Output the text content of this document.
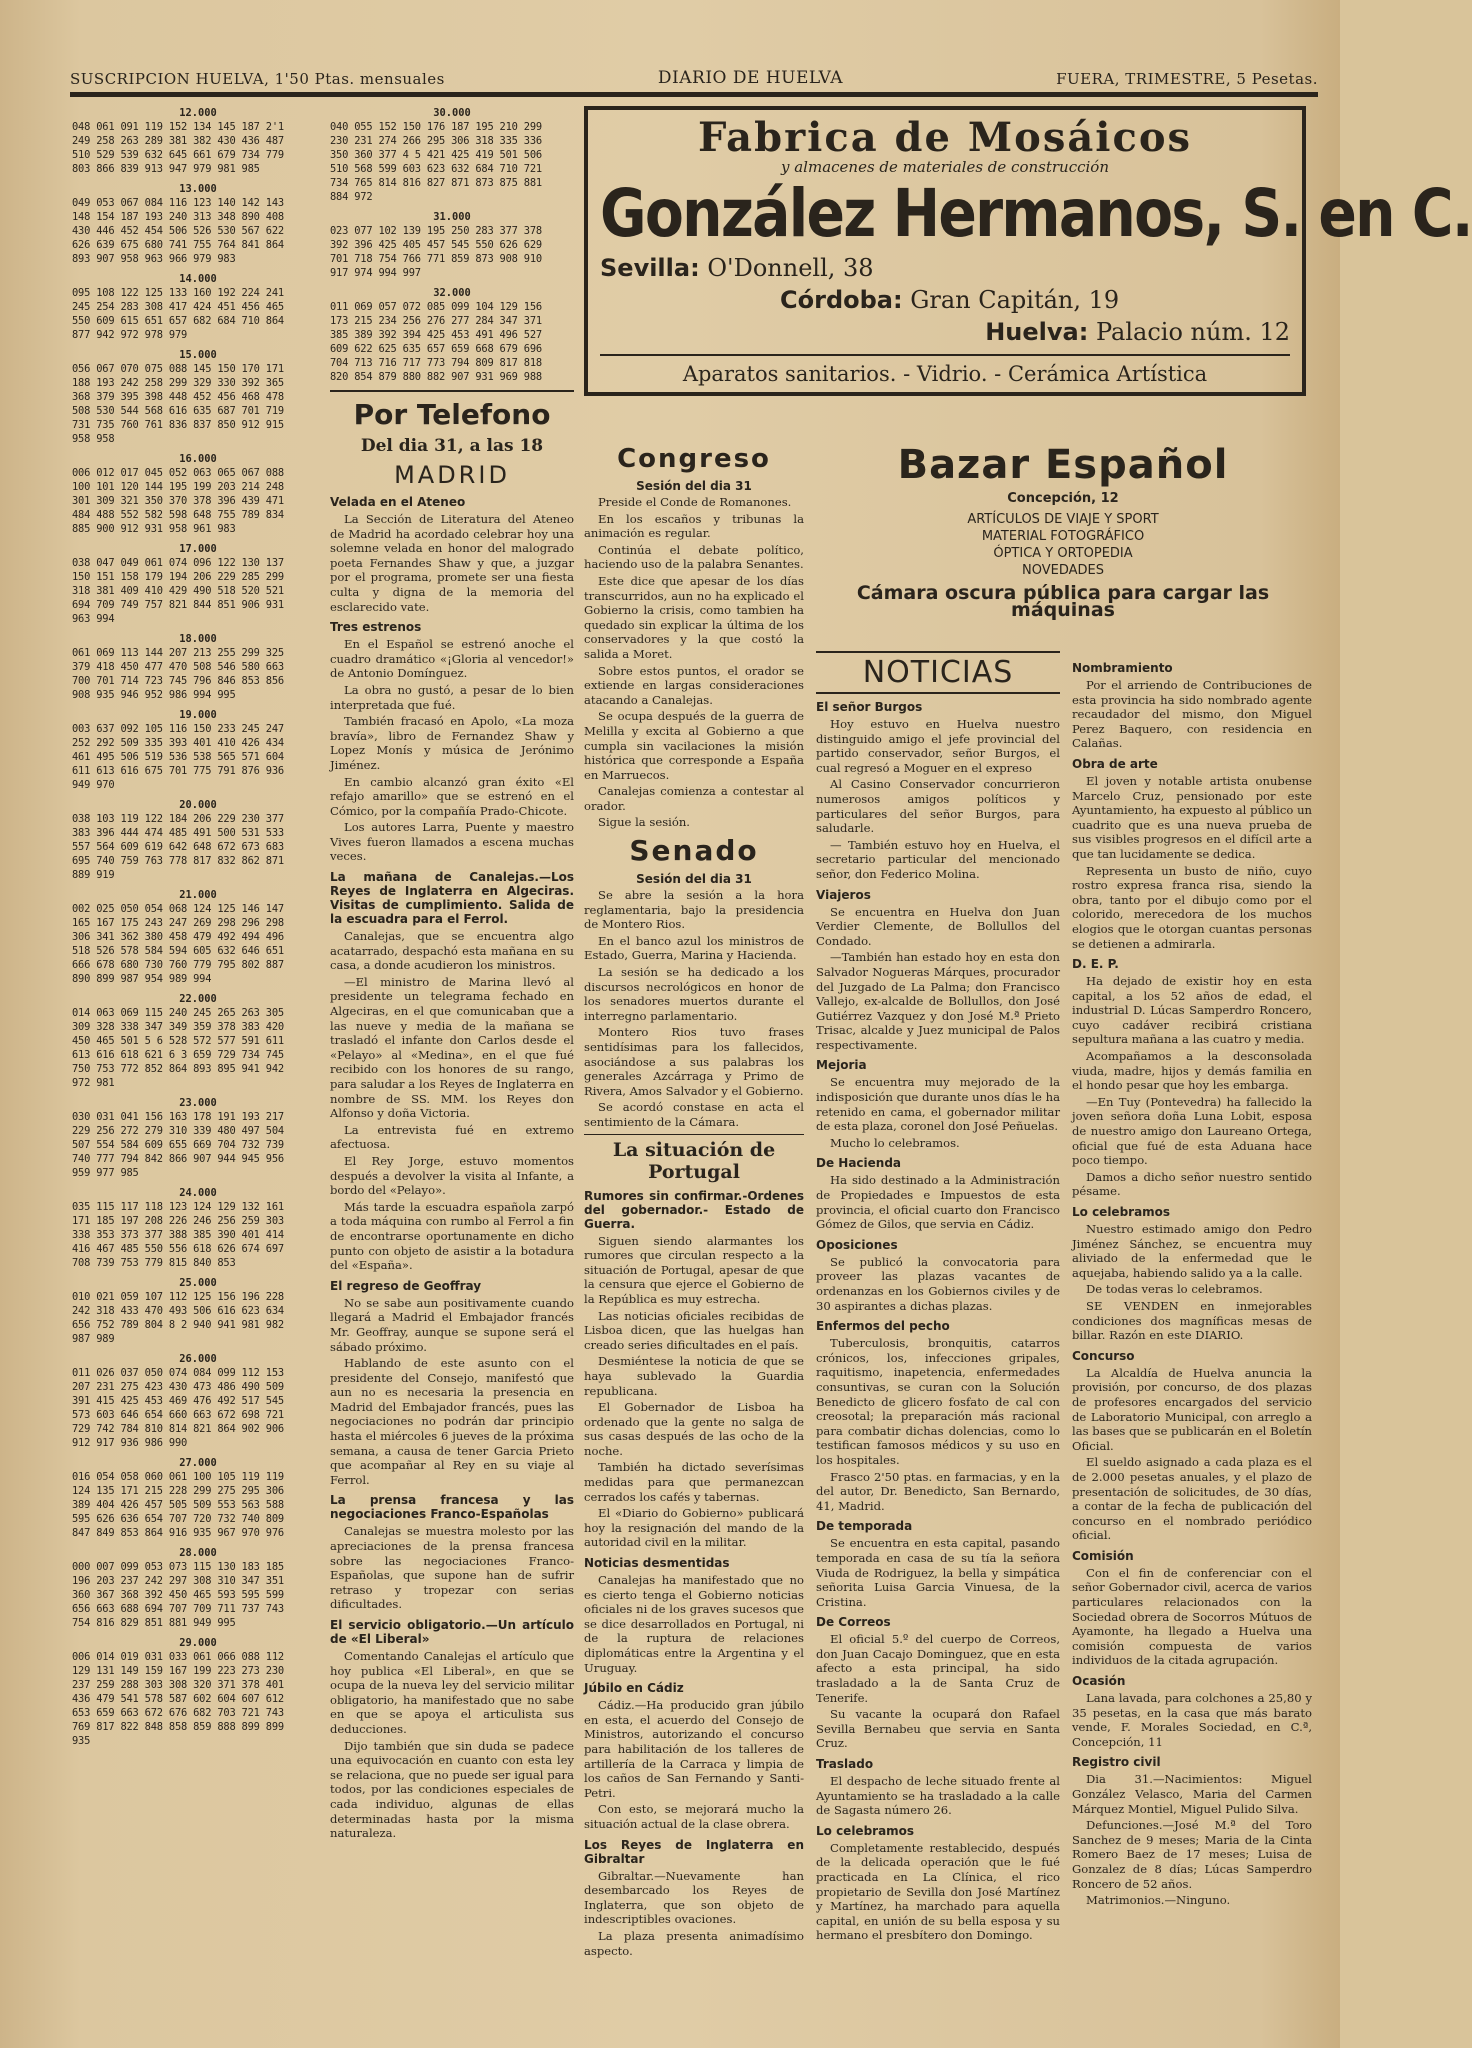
SUSCRIPCION HUELVA, 1'50 Ptas. mensuales	DIARIO DE HUELVA	FUERA, TRIMESTRE, 5 Pesetas.
12.000
048 061 091 119 152 134 145 187 2'1
249 258 263 289 381 382 430 436 487
510 529 539 632 645 661 679 734 779
803 866 839 913 947 979 981 985
13.000
049 053 067 084 116 123 140 142 143
148 154 187 193 240 313 348 890 408
430 446 452 454 506 526 530 567 622
626 639 675 680 741 755 764 841 864
893 907 958 963 966 979 983
14.000
095 108 122 125 133 160 192 224 241
245 254 283 308 417 424 451 456 465
550 609 615 651 657 682 684 710 864
877 942 972 978 979
15.000
056 067 070 075 088 145 150 170 171
188 193 242 258 299 329 330 392 365
368 379 395 398 448 452 456 468 478
508 530 544 568 616 635 687 701 719
731 735 760 761 836 837 850 912 915
958 958
16.000
006 012 017 045 052 063 065 067 088
100 101 120 144 195 199 203 214 248
301 309 321 350 370 378 396 439 471
484 488 552 582 598 648 755 789 834
885 900 912 931 958 961 983
17.000
038 047 049 061 074 096 122 130 137
150 151 158 179 194 206 229 285 299
318 381 409 410 429 490 518 520 521
694 709 749 757 821 844 851 906 931
963 994
18.000
061 069 113 144 207 213 255 299 325
379 418 450 477 470 508 546 580 663
700 701 714 723 745 796 846 853 856
908 935 946 952 986 994 995
19.000
003 637 092 105 116 150 233 245 247
252 292 509 335 393 401 410 426 434
461 495 506 519 536 538 565 571 604
611 613 616 675 701 775 791 876 936
949 970
20.000
038 103 119 122 184 206 229 230 377
383 396 444 474 485 491 500 531 533
557 564 609 619 642 648 672 673 683
695 740 759 763 778 817 832 862 871
889 919
21.000
002 025 050 054 068 124 125 146 147
165 167 175 243 247 269 298 296 298
306 341 362 380 458 479 492 494 496
518 526 578 584 594 605 632 646 651
666 678 680 730 760 779 795 802 887
890 899 987 954 989 994
22.000
014 063 069 115 240 245 265 263 305
309 328 338 347 349 359 378 383 420
450 465 501 5 6 528 572 577 591 611
613 616 618 621 6 3 659 729 734 745
750 753 772 852 864 893 895 941 942
972 981
23.000
030 031 041 156 163 178 191 193 217
229 256 272 279 310 339 480 497 504
507 554 584 609 655 669 704 732 739
740 777 794 842 866 907 944 945 956
959 977 985
24.000
035 115 117 118 123 124 129 132 161
171 185 197 208 226 246 256 259 303
338 353 373 377 388 385 390 401 414
416 467 485 550 556 618 626 674 697
708 739 753 779 815 840 853
25.000
010 021 059 107 112 125 156 196 228
242 318 433 470 493 506 616 623 634
656 752 789 804 8 2 940 941 981 982
987 989
26.000
011 026 037 050 074 084 099 112 153
207 231 275 423 430 473 486 490 509
391 415 425 453 469 476 492 517 545
573 603 646 654 660 663 672 698 721
729 742 784 810 814 821 864 902 906
912 917 936 986 990
27.000
016 054 058 060 061 100 105 119 119
124 135 171 215 228 299 275 295 306
389 404 426 457 505 509 553 563 588
595 626 636 654 707 720 732 740 809
847 849 853 864 916 935 967 970 976
28.000
000 007 099 053 073 115 130 183 185
196 203 237 242 297 308 310 347 351
360 367 368 392 450 465 593 595 599
656 663 688 694 707 709 711 737 743
754 816 829 851 881 949 995
29.000
006 014 019 031 033 061 066 088 112
129 131 149 159 167 199 223 273 230
237 259 288 303 308 320 371 378 401
436 479 541 578 587 602 604 607 612
653 659 663 672 676 682 703 721 743
769 817 822 848 858 859 888 899 899
935
30.000
040 055 152 150 176 187 195 210 299
230 231 274 266 295 306 318 335 336
350 360 377 4 5 421 425 419 501 506
510 568 599 603 623 632 684 710 721
734 765 814 816 827 871 873 875 881
884 972
31.000
023 077 102 139 195 250 283 377 378
392 396 425 405 457 545 550 626 629
701 718 754 766 771 859 873 908 910
917 974 994 997
32.000
011 069 057 072 085 099 104 129 156
173 215 234 256 276 277 284 347 371
385 389 392 394 425 453 491 496 527
609 622 625 635 657 659 668 679 696
704 713 716 717 773 794 809 817 818
820 854 879 880 882 907 931 969 988
Por Telefono
Del dia 31, a las 18
MADRID
Velada en el Ateneo

La Sección de Literatura del Ateneo de Madrid ha acordado celebrar hoy una solemne velada en honor del malogrado poeta Fernandes Shaw y que, a juzgar por el programa, promete ser una fiesta culta y digna de la memoria del esclarecido vate.

Tres estrenos

En el Español se estrenó anoche el cuadro dramático «¡Gloria al vencedor!» de Antonio Domínguez.

La obra no gustó, a pesar de lo bien interpretada que fué.

También fracasó en Apolo, «La moza bravía», libro de Fernandez Shaw y Lopez Monís y música de Jerónimo Jiménez.

En cambio alcanzó gran éxito «El refajo amarillo» que se estrenó en el Cómico, por la compañía Prado-Chicote.

Los autores Larra, Puente y maestro Vives fueron llamados a escena muchas veces.

La mañana de Canalejas.—Los Reyes de Inglaterra en Algeciras. Visitas de cumplimiento. Salida de la escuadra para el Ferrol.

Canalejas, que se encuentra algo acatarrado, despachó esta mañana en su casa, a donde acudieron los ministros.

—El ministro de Marina llevó al presidente un telegrama fechado en Algeciras, en el que comunicaban que a las nueve y media de la mañana se trasladó el infante don Carlos desde el «Pelayo» al «Medina», en el que fué recibido con los honores de su rango, para saludar a los Reyes de Inglaterra en nombre de SS. MM. los Reyes don Alfonso y doña Victoria.

La entrevista fué en extremo afectuosa.

El Rey Jorge, estuvo momentos después a devolver la visita al Infante, a bordo del «Pelayo».

Más tarde la escuadra española zarpó a toda máquina con rumbo al Ferrol a fin de encontrarse oportunamente en dicho punto con objeto de asistir a la botadura del «España».

El regreso de Geoffray

No se sabe aun positivamente cuando llegará a Madrid el Embajador francés Mr. Geoffray, aunque se supone será el sábado próximo.

Hablando de este asunto con el presidente del Consejo, manifestó que aun no es necesaria la presencia en Madrid del Embajador francés, pues las negociaciones no podrán dar principio hasta el miércoles 6 jueves de la próxima semana, a causa de tener Garcia Prieto que acompañar al Rey en su viaje al Ferrol.

La prensa francesa y las negociaciones Franco-Españolas

Canalejas se muestra molesto por las apreciaciones de la prensa francesa sobre las negociaciones Franco-Españolas, que supone han de sufrir retraso y tropezar con serias dificultades.

El servicio obligatorio.—Un artículo de «El Liberal»

Comentando Canalejas el artículo que hoy publica «El Liberal», en que se ocupa de la nueva ley del servicio militar obligatorio, ha manifestado que no sabe en que se apoya el articulista sus deducciones.

Dijo también que sin duda se padece una equivocación en cuanto con esta ley se relaciona, que no puede ser igual para todos, por las condiciones especiales de cada individuo, algunas de ellas determinadas hasta por la misma naturaleza.

Fabrica de Mosáicos
y almacenes de materiales de construcción
González Hermanos, S. en C.
Sevilla: O'Donnell, 38
Córdoba: Gran Capitán, 19
Huelva: Palacio núm. 12
Aparatos sanitarios. - Vidrio. - Cerámica Artística
Congreso
Sesión del dia 31

Preside el Conde de Romanones.

En los escaños y tribunas la animación es regular.

Continúa el debate político, haciendo uso de la palabra Senantes.

Este dice que apesar de los días transcurridos, aun no ha explicado el Gobierno la crisis, como tambien ha quedado sin explicar la última de los conservadores y la que costó la salida a Moret.

Sobre estos puntos, el orador se extiende en largas consideraciones atacando a Canalejas.

Se ocupa después de la guerra de Melilla y excita al Gobierno a que cumpla sin vacilaciones la misión histórica que corresponde a España en Marruecos.

Canalejas comienza a contestar al orador.

Sigue la sesión.

Senado
Sesión del dia 31

Se abre la sesión a la hora reglamentaria, bajo la presidencia de Montero Rios.

En el banco azul los ministros de Estado, Guerra, Marina y Hacienda.

La sesión se ha dedicado a los discursos necrológicos en honor de los senadores muertos durante el interregno parlamentario.

Montero Rios tuvo frases sentidísimas para los fallecidos, asociándose a sus palabras los generales Azcárraga y Primo de Rivera, Amos Salvador y el Gobierno.

Se acordó constase en acta el sentimiento de la Cámara.

La situación de Portugal
Rumores sin confirmar.-Ordenes del gobernador.- Estado de Guerra.

Siguen siendo alarmantes los rumores que circulan respecto a la situación de Portugal, apesar de que la censura que ejerce el Gobierno de la República es muy estrecha.

Las noticias oficiales recibidas de Lisboa dicen, que las huelgas han creado series dificultades en el país.

Desmiéntese la noticia de que se haya sublevado la Guardia republicana.

El Gobernador de Lisboa ha ordenado que la gente no salga de sus casas después de las ocho de la noche.

También ha dictado severísimas medidas para que permanezcan cerrados los cafés y tabernas.

El «Diario do Gobierno» publicará hoy la resignación del mando de la autoridad civil en la militar.

Noticias desmentidas

Canalejas ha manifestado que no es cierto tenga el Gobierno noticias oficiales ni de los graves sucesos que se dice desarrollados en Portugal, ni de la ruptura de relaciones diplomáticas entre la Argentina y el Uruguay.

Júbilo en Cádiz

Cádiz.—Ha producido gran júbilo en esta, el acuerdo del Consejo de Ministros, autorizando el concurso para habilitación de los talleres de artillería de la Carraca y limpia de los caños de San Fernando y Santi-Petri.

Con esto, se mejorará mucho la situación actual de la clase obrera.

Los Reyes de Inglaterra en Gibraltar

Gibraltar.—Nuevamente han desembarcado los Reyes de Inglaterra, que son objeto de indescriptibles ovaciones.

La plaza presenta animadísimo aspecto.

Bazar Español
Concepción, 12
ARTÍCULOS DE VIAJE Y SPORT
MATERIAL FOTOGRÁFICO
ÓPTICA Y ORTOPEDIA
NOVEDADES
Cámara oscura pública para cargar las máquinas
NOTICIAS
El señor Burgos

Hoy estuvo en Huelva nuestro distinguido amigo el jefe provincial del partido conservador, señor Burgos, el cual regresó a Moguer en el expreso

Al Casino Conservador concurrieron numerosos amigos políticos y particulares del señor Burgos, para saludarle.

— También estuvo hoy en Huelva, el secretario particular del mencionado señor, don Federico Molina.

Viajeros

Se encuentra en Huelva don Juan Verdier Clemente, de Bollullos del Condado.

—También han estado hoy en esta don Salvador Nogueras Márques, procurador del Juzgado de La Palma; don Francisco Vallejo, ex-alcalde de Bollullos, don José Gutiérrez Vazquez y don José M.ª Prieto Trisac, alcalde y Juez municipal de Palos respectivamente.

Mejoria

Se encuentra muy mejorado de la indisposición que durante unos días le ha retenido en cama, el gobernador militar de esta plaza, coronel don José Peñuelas.

Mucho lo celebramos.

De Hacienda

Ha sido destinado a la Administración de Propiedades e Impuestos de esta provincia, el oficial cuarto don Francisco Gómez de Gilos, que servia en Cádiz.

Oposiciones

Se publicó la convocatoria para proveer las plazas vacantes de ordenanzas en los Gobiernos civiles y de 30 aspirantes a dichas plazas.

Enfermos del pecho

Tuberculosis, bronquitis, catarros crónicos, los, infecciones gripales, raquitismo, inapetencia, enfermedades consuntivas, se curan con la Solución Benedicto de glicero fosfato de cal con creosotal; la preparación más racional para combatir dichas dolencias, como lo testifican famosos médicos y su uso en los hospitales.

Frasco 2'50 ptas. en farmacias, y en la del autor, Dr. Benedicto, San Bernardo, 41, Madrid.

De temporada

Se encuentra en esta capital, pasando temporada en casa de su tía la señora Viuda de Rodriguez, la bella y simpática señorita Luisa Garcia Vinuesa, de la Cristina.

De Correos

El oficial 5.º del cuerpo de Correos, don Juan Cacajo Dominguez, que en esta afecto a esta principal, ha sido trasladado a la de Santa Cruz de Tenerife.

Su vacante la ocupará don Rafael Sevilla Bernabeu que servia en Santa Cruz.

Traslado

El despacho de leche situado frente al Ayuntamiento se ha trasladado a la calle de Sagasta número 26.

Lo celebramos

Completamente restablecido, después de la delicada operación que le fué practicada en La Clínica, el rico propietario de Sevilla don José Martínez y Martínez, ha marchado para aquella capital, en unión de su bella esposa y su hermano el presbítero don Domingo.

Nombramiento

Por el arriendo de Contribuciones de esta provincia ha sido nombrado agente recaudador del mismo, don Miguel Perez Baquero, con residencia en Calañas.

Obra de arte

El joven y notable artista onubense Marcelo Cruz, pensionado por este Ayuntamiento, ha expuesto al público un cuadrito que es una nueva prueba de sus visibles progresos en el difícil arte a que tan lucidamente se dedica.

Representa un busto de niño, cuyo rostro expresa franca risa, siendo la obra, tanto por el dibujo como por el colorido, merecedora de los muchos elogios que le otorgan cuantas personas se detienen a admirarla.

D. E. P.

Ha dejado de existir hoy en esta capital, a los 52 años de edad, el industrial D. Lúcas Samperdro Roncero, cuyo cadáver recibirá cristiana sepultura mañana a las cuatro y media.

Acompañamos a la desconsolada viuda, madre, hijos y demás familia en el hondo pesar que hoy les embarga.

—En Tuy (Pontevedra) ha fallecido la joven señora doña Luna Lobit, esposa de nuestro amigo don Laureano Ortega, oficial que fué de esta Aduana hace poco tiempo.

Damos a dicho señor nuestro sentido pésame.

Lo celebramos

Nuestro estimado amigo don Pedro Jiménez Sánchez, se encuentra muy aliviado de la enfermedad que le aquejaba, habiendo salido ya a la calle.

De todas veras lo celebramos.

SE VENDEN en inmejorables condiciones dos magníficas mesas de billar. Razón en este DIARIO.

Concurso

La Alcaldía de Huelva anuncia la provisión, por concurso, de dos plazas de profesores encargados del servicio de Laboratorio Municipal, con arreglo a las bases que se publicarán en el Boletín Oficial.

El sueldo asignado a cada plaza es el de 2.000 pesetas anuales, y el plazo de presentación de solicitudes, de 30 días, a contar de la fecha de publicación del concurso en el nombrado periódico oficial.

Comisión

Con el fin de conferenciar con el señor Gobernador civil, acerca de varios particulares relacionados con la Sociedad obrera de Socorros Mútuos de Ayamonte, ha llegado a Huelva una comisión compuesta de varios individuos de la citada agrupación.

Ocasión

Lana lavada, para colchones a 25,80 y 35 pesetas, en la casa que más barato vende, F. Morales Sociedad, en C.ª, Concepción, 11

Registro civil

Dia 31.—Nacimientos: Miguel González Velasco, Maria del Carmen Márquez Montiel, Miguel Pulido Silva.

Defunciones.—José M.ª del Toro Sanchez de 9 meses; Maria de la Cinta Romero Baez de 17 meses; Luisa de Gonzalez de 8 días; Lúcas Samperdro Roncero de 52 años.

Matrimonios.—Ninguno.
